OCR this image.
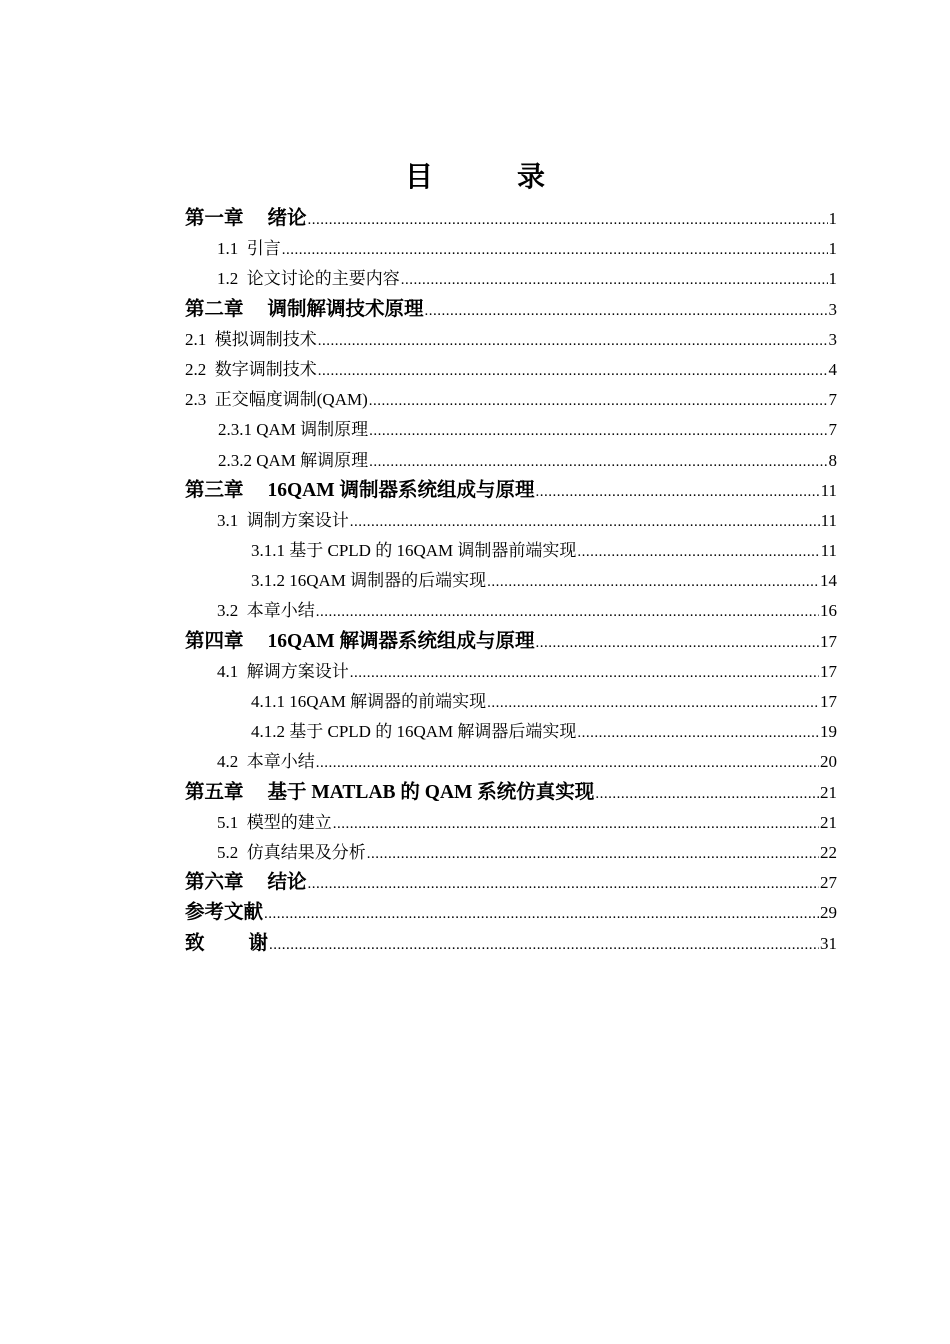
目　录
第一章 绪论 .....	1
1.1 引言 .....	1
1.2 论文讨论的主要内容 .....	1
第二章 调制解调技术原理 .....	3
2.1 模拟调制技术 .....	3
2.2 数字调制技术 .....	4
2.3 正交幅度调制(QAM) .....	7
2.3.1 QAM 调制原理 .....	7
2.3.2 QAM 解调原理 .....	8
第三章 16QAM 调制器系统组成与原理 .....	11
3.1 调制方案设计 .....	11
3.1.1 基于 CPLD 的 16QAM 调制器前端实现 .....	11
3.1.2 16QAM 调制器的后端实现 .....	14
3.2 本章小结 .....	16
第四章 16QAM 解调器系统组成与原理 .....	17
4.1 解调方案设计 .....	17
4.1.1 16QAM 解调器的前端实现 .....	17
4.1.2 基于 CPLD 的 16QAM 解调器后端实现 .....	19
4.2 本章小结 .....	20
第五章 基于 MATLAB 的 QAM 系统仿真实现 .....	21
5.1 模型的建立 .....	21
5.2 仿真结果及分析 .....	22
第六章 结论 .....	27
参考文献 .....	29
致 谢 .....	31
